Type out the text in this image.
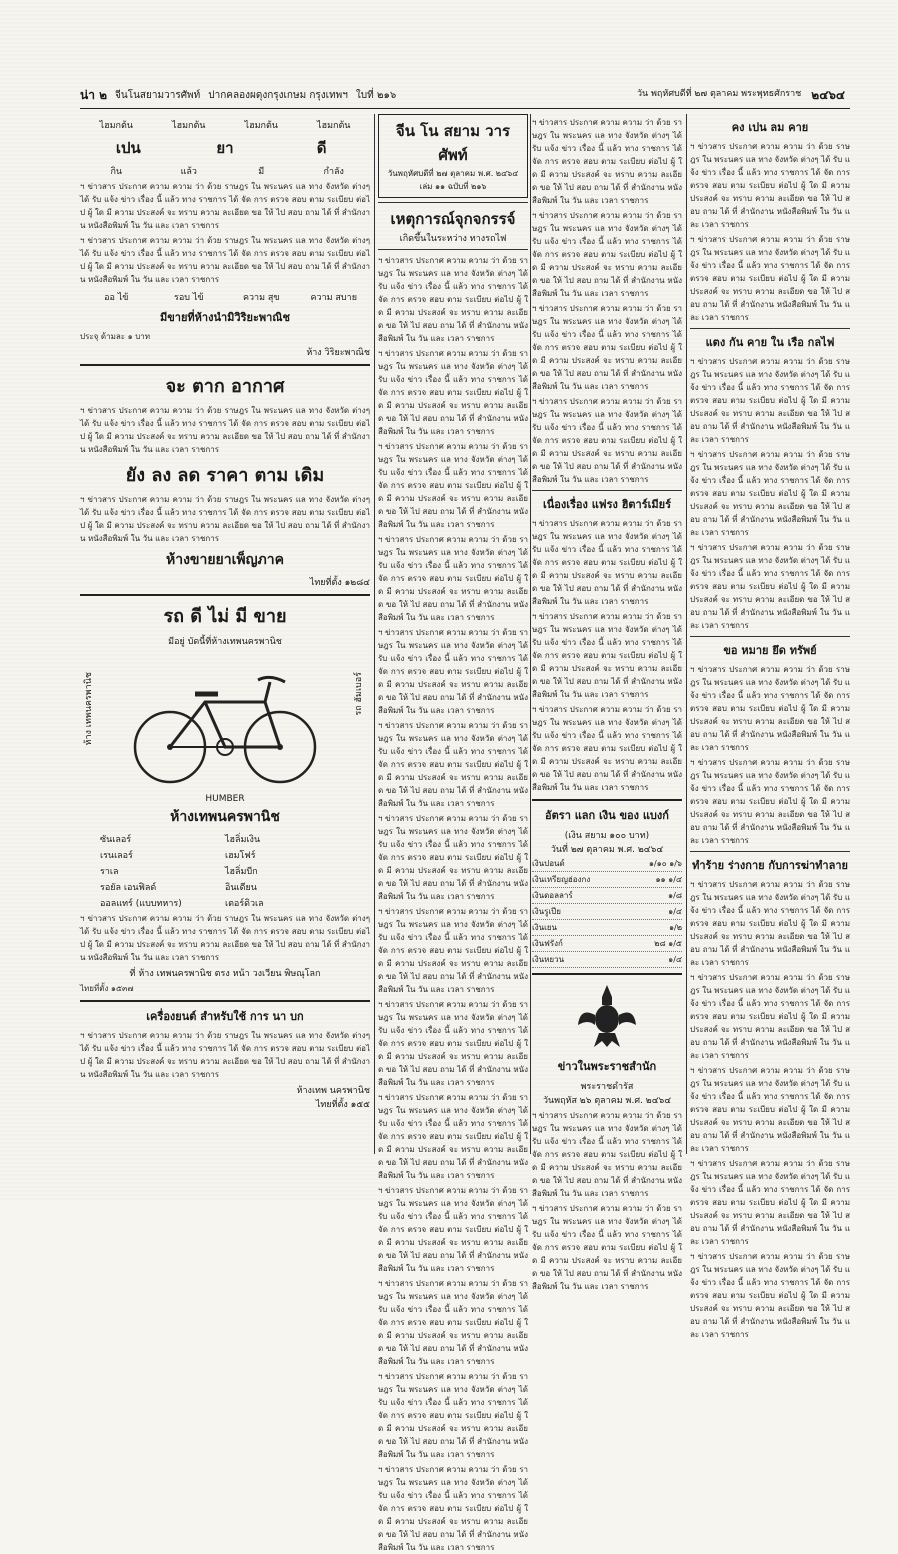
น่า ๒ จีนโนสยามวารศัพท์ ปากคลองผดุงกรุงเกษม กรุงเทพฯ ใบที่ ๒๑๖	วัน พฤหัศบดีที่ ๒๗ ตุลาคม พระพุทธศักราช ๒๔๖๔
ไฮมกต้น	ไฮมกต้น	ไฮมกต้น	ไฮมกต้น
เปน	ยา	ดี
กิน	แล้ว	มี	กำลัง

ฯ ข่าวสาร ประกาศ ความ ความ ว่า ด้วย ราษฎร ใน พระนคร แล ทาง จังหวัด ต่างๆ ได้ รับ แจ้ง ข่าว เรื่อง นี้ แล้ว ทาง ราชการ ได้ จัด การ ตรวจ สอบ ตาม ระเบียบ ต่อไป ผู้ ใด มี ความ ประสงค์ จะ ทราบ ความ ละเอียด ขอ ให้ ไป สอบ ถาม ได้ ที่ สำนักงาน หนังสือพิมพ์ ใน วัน และ เวลา ราชการ

ฯ ข่าวสาร ประกาศ ความ ความ ว่า ด้วย ราษฎร ใน พระนคร แล ทาง จังหวัด ต่างๆ ได้ รับ แจ้ง ข่าว เรื่อง นี้ แล้ว ทาง ราชการ ได้ จัด การ ตรวจ สอบ ตาม ระเบียบ ต่อไป ผู้ ใด มี ความ ประสงค์ จะ ทราบ ความ ละเอียด ขอ ให้ ไป สอบ ถาม ได้ ที่ สำนักงาน หนังสือพิมพ์ ใน วัน และ เวลา ราชการ

ออ ไข้	รอบ ไข้	ความ สุข	ความ สบาย
มีขายที่ห้างนำมิวิริยะพาณิช
ประจุ ด้ามละ ๑ บาท
ห้าง วิริยะพาณิช
จะ ตาก อากาศ

ฯ ข่าวสาร ประกาศ ความ ความ ว่า ด้วย ราษฎร ใน พระนคร แล ทาง จังหวัด ต่างๆ ได้ รับ แจ้ง ข่าว เรื่อง นี้ แล้ว ทาง ราชการ ได้ จัด การ ตรวจ สอบ ตาม ระเบียบ ต่อไป ผู้ ใด มี ความ ประสงค์ จะ ทราบ ความ ละเอียด ขอ ให้ ไป สอบ ถาม ได้ ที่ สำนักงาน หนังสือพิมพ์ ใน วัน และ เวลา ราชการ

ยัง ลง ลด ราคา ตาม เดิม

ฯ ข่าวสาร ประกาศ ความ ความ ว่า ด้วย ราษฎร ใน พระนคร แล ทาง จังหวัด ต่างๆ ได้ รับ แจ้ง ข่าว เรื่อง นี้ แล้ว ทาง ราชการ ได้ จัด การ ตรวจ สอบ ตาม ระเบียบ ต่อไป ผู้ ใด มี ความ ประสงค์ จะ ทราบ ความ ละเอียด ขอ ให้ ไป สอบ ถาม ได้ ที่ สำนักงาน หนังสือพิมพ์ ใน วัน และ เวลา ราชการ

ห้างขายยาเพ็ญภาค
ไทยที่ตั้ง ๑๒๘๔
รถ ดี ไม่ มี ขาย
มีอยู่ บัดนี้ที่ห้างเทพนครพานิช
ห้าง เทพนครพานิช	รถ ฮัมเบอร์
HUMBER
ห้างเทพนครพานิช
ซันเลอร์	ไฮลิ่มเงิน
เรนเลอร์	เฮมโฟร์
ราเล	ไฮลิ่มบีก
รอยัล เอนฟิลด์	อินเดียน
ออลแทร์ (แบบทหาร)	เตอร์ดิวเล

ฯ ข่าวสาร ประกาศ ความ ความ ว่า ด้วย ราษฎร ใน พระนคร แล ทาง จังหวัด ต่างๆ ได้ รับ แจ้ง ข่าว เรื่อง นี้ แล้ว ทาง ราชการ ได้ จัด การ ตรวจ สอบ ตาม ระเบียบ ต่อไป ผู้ ใด มี ความ ประสงค์ จะ ทราบ ความ ละเอียด ขอ ให้ ไป สอบ ถาม ได้ ที่ สำนักงาน หนังสือพิมพ์ ใน วัน และ เวลา ราชการ

ที่ ห้าง เทพนครพานิช ตรง หน้า วงเวียน พิษณุโลก
ไทยที่ตั้ง ๑๕๓๗
เครื่องยนต์ สำหรับใช้ การ นา บก

ฯ ข่าวสาร ประกาศ ความ ความ ว่า ด้วย ราษฎร ใน พระนคร แล ทาง จังหวัด ต่างๆ ได้ รับ แจ้ง ข่าว เรื่อง นี้ แล้ว ทาง ราชการ ได้ จัด การ ตรวจ สอบ ตาม ระเบียบ ต่อไป ผู้ ใด มี ความ ประสงค์ จะ ทราบ ความ ละเอียด ขอ ให้ ไป สอบ ถาม ได้ ที่ สำนักงาน หนังสือพิมพ์ ใน วัน และ เวลา ราชการ

ห้างเทพ นครพานิช
ไทยที่ตั้ง ๑๕๕
จีน โน สยาม วาร ศัพท์
วันพฤหัศบดีที่ ๒๗ ตุลาคม พ.ศ. ๒๔๖๔
เล่ม ๑๑ ฉบับที่ ๒๑๖
เหตุการณ์จุกจกรรจ์
เกิดขึ้นในระหว่าง ทางรถไฟ

ฯ ข่าวสาร ประกาศ ความ ความ ว่า ด้วย ราษฎร ใน พระนคร แล ทาง จังหวัด ต่างๆ ได้ รับ แจ้ง ข่าว เรื่อง นี้ แล้ว ทาง ราชการ ได้ จัด การ ตรวจ สอบ ตาม ระเบียบ ต่อไป ผู้ ใด มี ความ ประสงค์ จะ ทราบ ความ ละเอียด ขอ ให้ ไป สอบ ถาม ได้ ที่ สำนักงาน หนังสือพิมพ์ ใน วัน และ เวลา ราชการ

ฯ ข่าวสาร ประกาศ ความ ความ ว่า ด้วย ราษฎร ใน พระนคร แล ทาง จังหวัด ต่างๆ ได้ รับ แจ้ง ข่าว เรื่อง นี้ แล้ว ทาง ราชการ ได้ จัด การ ตรวจ สอบ ตาม ระเบียบ ต่อไป ผู้ ใด มี ความ ประสงค์ จะ ทราบ ความ ละเอียด ขอ ให้ ไป สอบ ถาม ได้ ที่ สำนักงาน หนังสือพิมพ์ ใน วัน และ เวลา ราชการ

ฯ ข่าวสาร ประกาศ ความ ความ ว่า ด้วย ราษฎร ใน พระนคร แล ทาง จังหวัด ต่างๆ ได้ รับ แจ้ง ข่าว เรื่อง นี้ แล้ว ทาง ราชการ ได้ จัด การ ตรวจ สอบ ตาม ระเบียบ ต่อไป ผู้ ใด มี ความ ประสงค์ จะ ทราบ ความ ละเอียด ขอ ให้ ไป สอบ ถาม ได้ ที่ สำนักงาน หนังสือพิมพ์ ใน วัน และ เวลา ราชการ

ฯ ข่าวสาร ประกาศ ความ ความ ว่า ด้วย ราษฎร ใน พระนคร แล ทาง จังหวัด ต่างๆ ได้ รับ แจ้ง ข่าว เรื่อง นี้ แล้ว ทาง ราชการ ได้ จัด การ ตรวจ สอบ ตาม ระเบียบ ต่อไป ผู้ ใด มี ความ ประสงค์ จะ ทราบ ความ ละเอียด ขอ ให้ ไป สอบ ถาม ได้ ที่ สำนักงาน หนังสือพิมพ์ ใน วัน และ เวลา ราชการ

ฯ ข่าวสาร ประกาศ ความ ความ ว่า ด้วย ราษฎร ใน พระนคร แล ทาง จังหวัด ต่างๆ ได้ รับ แจ้ง ข่าว เรื่อง นี้ แล้ว ทาง ราชการ ได้ จัด การ ตรวจ สอบ ตาม ระเบียบ ต่อไป ผู้ ใด มี ความ ประสงค์ จะ ทราบ ความ ละเอียด ขอ ให้ ไป สอบ ถาม ได้ ที่ สำนักงาน หนังสือพิมพ์ ใน วัน และ เวลา ราชการ

ฯ ข่าวสาร ประกาศ ความ ความ ว่า ด้วย ราษฎร ใน พระนคร แล ทาง จังหวัด ต่างๆ ได้ รับ แจ้ง ข่าว เรื่อง นี้ แล้ว ทาง ราชการ ได้ จัด การ ตรวจ สอบ ตาม ระเบียบ ต่อไป ผู้ ใด มี ความ ประสงค์ จะ ทราบ ความ ละเอียด ขอ ให้ ไป สอบ ถาม ได้ ที่ สำนักงาน หนังสือพิมพ์ ใน วัน และ เวลา ราชการ

ฯ ข่าวสาร ประกาศ ความ ความ ว่า ด้วย ราษฎร ใน พระนคร แล ทาง จังหวัด ต่างๆ ได้ รับ แจ้ง ข่าว เรื่อง นี้ แล้ว ทาง ราชการ ได้ จัด การ ตรวจ สอบ ตาม ระเบียบ ต่อไป ผู้ ใด มี ความ ประสงค์ จะ ทราบ ความ ละเอียด ขอ ให้ ไป สอบ ถาม ได้ ที่ สำนักงาน หนังสือพิมพ์ ใน วัน และ เวลา ราชการ

ฯ ข่าวสาร ประกาศ ความ ความ ว่า ด้วย ราษฎร ใน พระนคร แล ทาง จังหวัด ต่างๆ ได้ รับ แจ้ง ข่าว เรื่อง นี้ แล้ว ทาง ราชการ ได้ จัด การ ตรวจ สอบ ตาม ระเบียบ ต่อไป ผู้ ใด มี ความ ประสงค์ จะ ทราบ ความ ละเอียด ขอ ให้ ไป สอบ ถาม ได้ ที่ สำนักงาน หนังสือพิมพ์ ใน วัน และ เวลา ราชการ

ฯ ข่าวสาร ประกาศ ความ ความ ว่า ด้วย ราษฎร ใน พระนคร แล ทาง จังหวัด ต่างๆ ได้ รับ แจ้ง ข่าว เรื่อง นี้ แล้ว ทาง ราชการ ได้ จัด การ ตรวจ สอบ ตาม ระเบียบ ต่อไป ผู้ ใด มี ความ ประสงค์ จะ ทราบ ความ ละเอียด ขอ ให้ ไป สอบ ถาม ได้ ที่ สำนักงาน หนังสือพิมพ์ ใน วัน และ เวลา ราชการ

ฯ ข่าวสาร ประกาศ ความ ความ ว่า ด้วย ราษฎร ใน พระนคร แล ทาง จังหวัด ต่างๆ ได้ รับ แจ้ง ข่าว เรื่อง นี้ แล้ว ทาง ราชการ ได้ จัด การ ตรวจ สอบ ตาม ระเบียบ ต่อไป ผู้ ใด มี ความ ประสงค์ จะ ทราบ ความ ละเอียด ขอ ให้ ไป สอบ ถาม ได้ ที่ สำนักงาน หนังสือพิมพ์ ใน วัน และ เวลา ราชการ

ฯ ข่าวสาร ประกาศ ความ ความ ว่า ด้วย ราษฎร ใน พระนคร แล ทาง จังหวัด ต่างๆ ได้ รับ แจ้ง ข่าว เรื่อง นี้ แล้ว ทาง ราชการ ได้ จัด การ ตรวจ สอบ ตาม ระเบียบ ต่อไป ผู้ ใด มี ความ ประสงค์ จะ ทราบ ความ ละเอียด ขอ ให้ ไป สอบ ถาม ได้ ที่ สำนักงาน หนังสือพิมพ์ ใน วัน และ เวลา ราชการ

ฯ ข่าวสาร ประกาศ ความ ความ ว่า ด้วย ราษฎร ใน พระนคร แล ทาง จังหวัด ต่างๆ ได้ รับ แจ้ง ข่าว เรื่อง นี้ แล้ว ทาง ราชการ ได้ จัด การ ตรวจ สอบ ตาม ระเบียบ ต่อไป ผู้ ใด มี ความ ประสงค์ จะ ทราบ ความ ละเอียด ขอ ให้ ไป สอบ ถาม ได้ ที่ สำนักงาน หนังสือพิมพ์ ใน วัน และ เวลา ราชการ

ฯ ข่าวสาร ประกาศ ความ ความ ว่า ด้วย ราษฎร ใน พระนคร แล ทาง จังหวัด ต่างๆ ได้ รับ แจ้ง ข่าว เรื่อง นี้ แล้ว ทาง ราชการ ได้ จัด การ ตรวจ สอบ ตาม ระเบียบ ต่อไป ผู้ ใด มี ความ ประสงค์ จะ ทราบ ความ ละเอียด ขอ ให้ ไป สอบ ถาม ได้ ที่ สำนักงาน หนังสือพิมพ์ ใน วัน และ เวลา ราชการ

ฯ ข่าวสาร ประกาศ ความ ความ ว่า ด้วย ราษฎร ใน พระนคร แล ทาง จังหวัด ต่างๆ ได้ รับ แจ้ง ข่าว เรื่อง นี้ แล้ว ทาง ราชการ ได้ จัด การ ตรวจ สอบ ตาม ระเบียบ ต่อไป ผู้ ใด มี ความ ประสงค์ จะ ทราบ ความ ละเอียด ขอ ให้ ไป สอบ ถาม ได้ ที่ สำนักงาน หนังสือพิมพ์ ใน วัน และ เวลา ราชการ

ฯ ข่าวสาร ประกาศ ความ ความ ว่า ด้วย ราษฎร ใน พระนคร แล ทาง จังหวัด ต่างๆ ได้ รับ แจ้ง ข่าว เรื่อง นี้ แล้ว ทาง ราชการ ได้ จัด การ ตรวจ สอบ ตาม ระเบียบ ต่อไป ผู้ ใด มี ความ ประสงค์ จะ ทราบ ความ ละเอียด ขอ ให้ ไป สอบ ถาม ได้ ที่ สำนักงาน หนังสือพิมพ์ ใน วัน และ เวลา ราชการ

ฯ ข่าวสาร ประกาศ ความ ความ ว่า ด้วย ราษฎร ใน พระนคร แล ทาง จังหวัด ต่างๆ ได้ รับ แจ้ง ข่าว เรื่อง นี้ แล้ว ทาง ราชการ ได้ จัด การ ตรวจ สอบ ตาม ระเบียบ ต่อไป ผู้ ใด มี ความ ประสงค์ จะ ทราบ ความ ละเอียด ขอ ให้ ไป สอบ ถาม ได้ ที่ สำนักงาน หนังสือพิมพ์ ใน วัน และ เวลา ราชการ

ฯ ข่าวสาร ประกาศ ความ ความ ว่า ด้วย ราษฎร ใน พระนคร แล ทาง จังหวัด ต่างๆ ได้ รับ แจ้ง ข่าว เรื่อง นี้ แล้ว ทาง ราชการ ได้ จัด การ ตรวจ สอบ ตาม ระเบียบ ต่อไป ผู้ ใด มี ความ ประสงค์ จะ ทราบ ความ ละเอียด ขอ ให้ ไป สอบ ถาม ได้ ที่ สำนักงาน หนังสือพิมพ์ ใน วัน และ เวลา ราชการ

ฯ ข่าวสาร ประกาศ ความ ความ ว่า ด้วย ราษฎร ใน พระนคร แล ทาง จังหวัด ต่างๆ ได้ รับ แจ้ง ข่าว เรื่อง นี้ แล้ว ทาง ราชการ ได้ จัด การ ตรวจ สอบ ตาม ระเบียบ ต่อไป ผู้ ใด มี ความ ประสงค์ จะ ทราบ ความ ละเอียด ขอ ให้ ไป สอบ ถาม ได้ ที่ สำนักงาน หนังสือพิมพ์ ใน วัน และ เวลา ราชการ

เนื่องเรื่อง แฟรง ฮิตาร์เมียร์

ฯ ข่าวสาร ประกาศ ความ ความ ว่า ด้วย ราษฎร ใน พระนคร แล ทาง จังหวัด ต่างๆ ได้ รับ แจ้ง ข่าว เรื่อง นี้ แล้ว ทาง ราชการ ได้ จัด การ ตรวจ สอบ ตาม ระเบียบ ต่อไป ผู้ ใด มี ความ ประสงค์ จะ ทราบ ความ ละเอียด ขอ ให้ ไป สอบ ถาม ได้ ที่ สำนักงาน หนังสือพิมพ์ ใน วัน และ เวลา ราชการ

ฯ ข่าวสาร ประกาศ ความ ความ ว่า ด้วย ราษฎร ใน พระนคร แล ทาง จังหวัด ต่างๆ ได้ รับ แจ้ง ข่าว เรื่อง นี้ แล้ว ทาง ราชการ ได้ จัด การ ตรวจ สอบ ตาม ระเบียบ ต่อไป ผู้ ใด มี ความ ประสงค์ จะ ทราบ ความ ละเอียด ขอ ให้ ไป สอบ ถาม ได้ ที่ สำนักงาน หนังสือพิมพ์ ใน วัน และ เวลา ราชการ

ฯ ข่าวสาร ประกาศ ความ ความ ว่า ด้วย ราษฎร ใน พระนคร แล ทาง จังหวัด ต่างๆ ได้ รับ แจ้ง ข่าว เรื่อง นี้ แล้ว ทาง ราชการ ได้ จัด การ ตรวจ สอบ ตาม ระเบียบ ต่อไป ผู้ ใด มี ความ ประสงค์ จะ ทราบ ความ ละเอียด ขอ ให้ ไป สอบ ถาม ได้ ที่ สำนักงาน หนังสือพิมพ์ ใน วัน และ เวลา ราชการ

อัตรา แลก เงิน ของ แบงก์
(เงิน สยาม ๑๐๐ บาท)
วันที่ ๒๗ ตุลาคม พ.ศ. ๒๔๖๔
เงินปอนด์	๑/๑๐ ๑/๖
เงินเหรียญฮ่องกง	๑๑ ๑/๔
เงินดอลลาร์	๑/๘
เงินรูเปีย	๑/๔
เงินเยน	๑/๒
เงินฟรังก์	๒๘ ๑/๕
เงินหยวน	๑/๔
ข่าวในพระราชสำนัก
พระราชดำรัส
วันพฤหัส ๒๖ ตุลาคม พ.ศ. ๒๔๖๔

ฯ ข่าวสาร ประกาศ ความ ความ ว่า ด้วย ราษฎร ใน พระนคร แล ทาง จังหวัด ต่างๆ ได้ รับ แจ้ง ข่าว เรื่อง นี้ แล้ว ทาง ราชการ ได้ จัด การ ตรวจ สอบ ตาม ระเบียบ ต่อไป ผู้ ใด มี ความ ประสงค์ จะ ทราบ ความ ละเอียด ขอ ให้ ไป สอบ ถาม ได้ ที่ สำนักงาน หนังสือพิมพ์ ใน วัน และ เวลา ราชการ

ฯ ข่าวสาร ประกาศ ความ ความ ว่า ด้วย ราษฎร ใน พระนคร แล ทาง จังหวัด ต่างๆ ได้ รับ แจ้ง ข่าว เรื่อง นี้ แล้ว ทาง ราชการ ได้ จัด การ ตรวจ สอบ ตาม ระเบียบ ต่อไป ผู้ ใด มี ความ ประสงค์ จะ ทราบ ความ ละเอียด ขอ ให้ ไป สอบ ถาม ได้ ที่ สำนักงาน หนังสือพิมพ์ ใน วัน และ เวลา ราชการ

คง เปน ลม คาย

ฯ ข่าวสาร ประกาศ ความ ความ ว่า ด้วย ราษฎร ใน พระนคร แล ทาง จังหวัด ต่างๆ ได้ รับ แจ้ง ข่าว เรื่อง นี้ แล้ว ทาง ราชการ ได้ จัด การ ตรวจ สอบ ตาม ระเบียบ ต่อไป ผู้ ใด มี ความ ประสงค์ จะ ทราบ ความ ละเอียด ขอ ให้ ไป สอบ ถาม ได้ ที่ สำนักงาน หนังสือพิมพ์ ใน วัน และ เวลา ราชการ

ฯ ข่าวสาร ประกาศ ความ ความ ว่า ด้วย ราษฎร ใน พระนคร แล ทาง จังหวัด ต่างๆ ได้ รับ แจ้ง ข่าว เรื่อง นี้ แล้ว ทาง ราชการ ได้ จัด การ ตรวจ สอบ ตาม ระเบียบ ต่อไป ผู้ ใด มี ความ ประสงค์ จะ ทราบ ความ ละเอียด ขอ ให้ ไป สอบ ถาม ได้ ที่ สำนักงาน หนังสือพิมพ์ ใน วัน และ เวลา ราชการ

แตง กัน คาย ใน เรือ กลไฟ

ฯ ข่าวสาร ประกาศ ความ ความ ว่า ด้วย ราษฎร ใน พระนคร แล ทาง จังหวัด ต่างๆ ได้ รับ แจ้ง ข่าว เรื่อง นี้ แล้ว ทาง ราชการ ได้ จัด การ ตรวจ สอบ ตาม ระเบียบ ต่อไป ผู้ ใด มี ความ ประสงค์ จะ ทราบ ความ ละเอียด ขอ ให้ ไป สอบ ถาม ได้ ที่ สำนักงาน หนังสือพิมพ์ ใน วัน และ เวลา ราชการ

ฯ ข่าวสาร ประกาศ ความ ความ ว่า ด้วย ราษฎร ใน พระนคร แล ทาง จังหวัด ต่างๆ ได้ รับ แจ้ง ข่าว เรื่อง นี้ แล้ว ทาง ราชการ ได้ จัด การ ตรวจ สอบ ตาม ระเบียบ ต่อไป ผู้ ใด มี ความ ประสงค์ จะ ทราบ ความ ละเอียด ขอ ให้ ไป สอบ ถาม ได้ ที่ สำนักงาน หนังสือพิมพ์ ใน วัน และ เวลา ราชการ

ฯ ข่าวสาร ประกาศ ความ ความ ว่า ด้วย ราษฎร ใน พระนคร แล ทาง จังหวัด ต่างๆ ได้ รับ แจ้ง ข่าว เรื่อง นี้ แล้ว ทาง ราชการ ได้ จัด การ ตรวจ สอบ ตาม ระเบียบ ต่อไป ผู้ ใด มี ความ ประสงค์ จะ ทราบ ความ ละเอียด ขอ ให้ ไป สอบ ถาม ได้ ที่ สำนักงาน หนังสือพิมพ์ ใน วัน และ เวลา ราชการ

ขอ หมาย ยึด ทรัพย์

ฯ ข่าวสาร ประกาศ ความ ความ ว่า ด้วย ราษฎร ใน พระนคร แล ทาง จังหวัด ต่างๆ ได้ รับ แจ้ง ข่าว เรื่อง นี้ แล้ว ทาง ราชการ ได้ จัด การ ตรวจ สอบ ตาม ระเบียบ ต่อไป ผู้ ใด มี ความ ประสงค์ จะ ทราบ ความ ละเอียด ขอ ให้ ไป สอบ ถาม ได้ ที่ สำนักงาน หนังสือพิมพ์ ใน วัน และ เวลา ราชการ

ฯ ข่าวสาร ประกาศ ความ ความ ว่า ด้วย ราษฎร ใน พระนคร แล ทาง จังหวัด ต่างๆ ได้ รับ แจ้ง ข่าว เรื่อง นี้ แล้ว ทาง ราชการ ได้ จัด การ ตรวจ สอบ ตาม ระเบียบ ต่อไป ผู้ ใด มี ความ ประสงค์ จะ ทราบ ความ ละเอียด ขอ ให้ ไป สอบ ถาม ได้ ที่ สำนักงาน หนังสือพิมพ์ ใน วัน และ เวลา ราชการ

ทำร้าย ร่างกาย กับการฆ่าทำลาย

ฯ ข่าวสาร ประกาศ ความ ความ ว่า ด้วย ราษฎร ใน พระนคร แล ทาง จังหวัด ต่างๆ ได้ รับ แจ้ง ข่าว เรื่อง นี้ แล้ว ทาง ราชการ ได้ จัด การ ตรวจ สอบ ตาม ระเบียบ ต่อไป ผู้ ใด มี ความ ประสงค์ จะ ทราบ ความ ละเอียด ขอ ให้ ไป สอบ ถาม ได้ ที่ สำนักงาน หนังสือพิมพ์ ใน วัน และ เวลา ราชการ

ฯ ข่าวสาร ประกาศ ความ ความ ว่า ด้วย ราษฎร ใน พระนคร แล ทาง จังหวัด ต่างๆ ได้ รับ แจ้ง ข่าว เรื่อง นี้ แล้ว ทาง ราชการ ได้ จัด การ ตรวจ สอบ ตาม ระเบียบ ต่อไป ผู้ ใด มี ความ ประสงค์ จะ ทราบ ความ ละเอียด ขอ ให้ ไป สอบ ถาม ได้ ที่ สำนักงาน หนังสือพิมพ์ ใน วัน และ เวลา ราชการ

ฯ ข่าวสาร ประกาศ ความ ความ ว่า ด้วย ราษฎร ใน พระนคร แล ทาง จังหวัด ต่างๆ ได้ รับ แจ้ง ข่าว เรื่อง นี้ แล้ว ทาง ราชการ ได้ จัด การ ตรวจ สอบ ตาม ระเบียบ ต่อไป ผู้ ใด มี ความ ประสงค์ จะ ทราบ ความ ละเอียด ขอ ให้ ไป สอบ ถาม ได้ ที่ สำนักงาน หนังสือพิมพ์ ใน วัน และ เวลา ราชการ

ฯ ข่าวสาร ประกาศ ความ ความ ว่า ด้วย ราษฎร ใน พระนคร แล ทาง จังหวัด ต่างๆ ได้ รับ แจ้ง ข่าว เรื่อง นี้ แล้ว ทาง ราชการ ได้ จัด การ ตรวจ สอบ ตาม ระเบียบ ต่อไป ผู้ ใด มี ความ ประสงค์ จะ ทราบ ความ ละเอียด ขอ ให้ ไป สอบ ถาม ได้ ที่ สำนักงาน หนังสือพิมพ์ ใน วัน และ เวลา ราชการ

ฯ ข่าวสาร ประกาศ ความ ความ ว่า ด้วย ราษฎร ใน พระนคร แล ทาง จังหวัด ต่างๆ ได้ รับ แจ้ง ข่าว เรื่อง นี้ แล้ว ทาง ราชการ ได้ จัด การ ตรวจ สอบ ตาม ระเบียบ ต่อไป ผู้ ใด มี ความ ประสงค์ จะ ทราบ ความ ละเอียด ขอ ให้ ไป สอบ ถาม ได้ ที่ สำนักงาน หนังสือพิมพ์ ใน วัน และ เวลา ราชการ
